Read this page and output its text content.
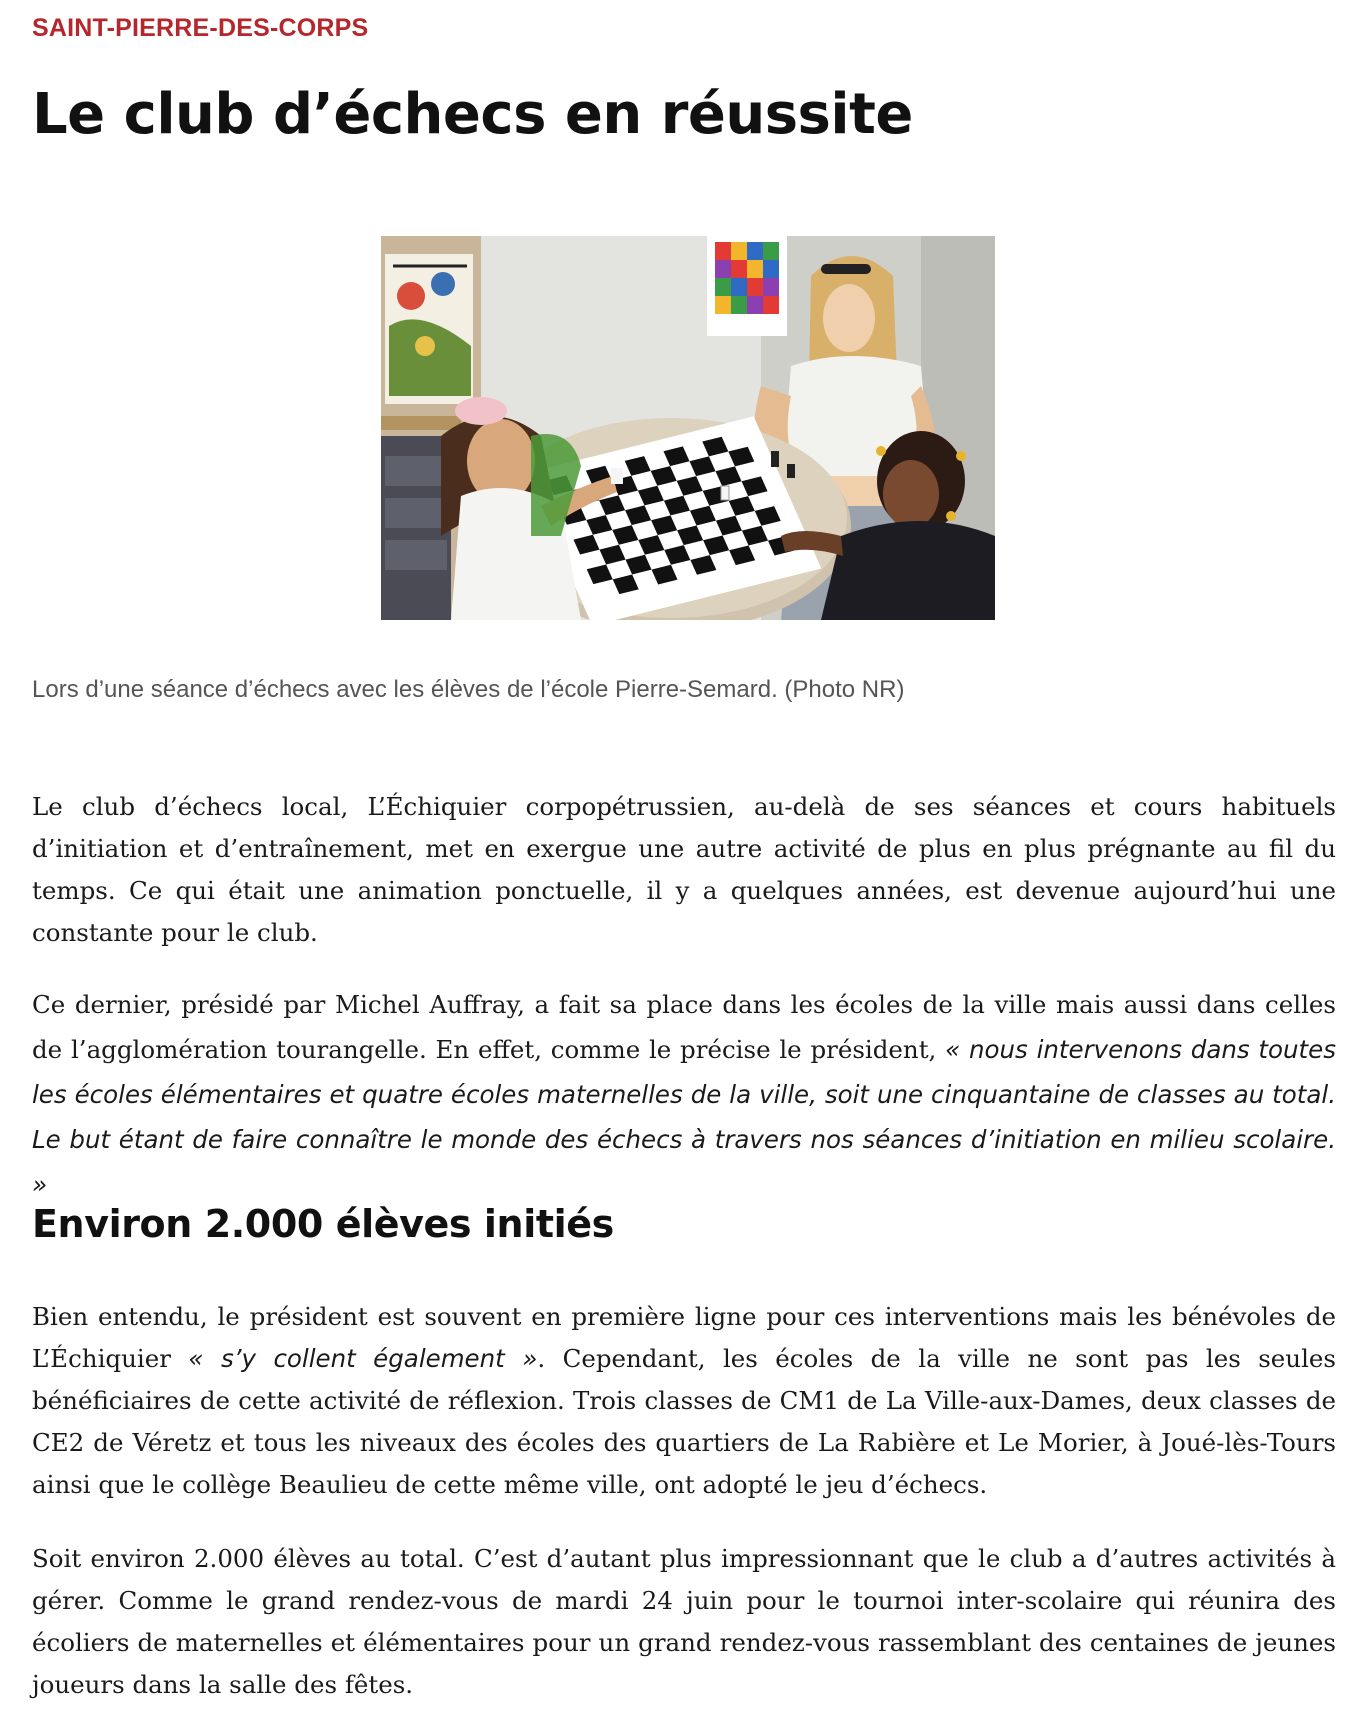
SAINT-PIERRE-DES-CORPS
Le club d’échecs en réussite
Lors d’une séance d’échecs avec les élèves de l’école Pierre-Semard. (Photo NR)

Le club d’échecs local, L’Échiquier corpopétrussien, au-delà de ses séances et cours habituels d’initiation et d’entraînement, met en exergue une autre activité de plus en plus prégnante au fil du temps. Ce qui était une animation ponctuelle, il y a quelques années, est devenue aujourd’hui une constante pour le club.

Ce dernier, présidé par Michel Auffray, a fait sa place dans les écoles de la ville mais aussi dans celles de l’agglomération tourangelle. En effet, comme le précise le président, « nous intervenons dans toutes les écoles élémentaires et quatre écoles maternelles de la ville, soit une cinquantaine de classes au total. Le but étant de faire connaître le monde des échecs à travers nos séances d’initiation en milieu scolaire. »

Environ 2.000 élèves initiés

Bien entendu, le président est souvent en première ligne pour ces interventions mais les bénévoles de L’Échiquier « s’y collent également ». Cependant, les écoles de la ville ne sont pas les seules bénéficiaires de cette activité de réflexion. Trois classes de CM1 de La Ville-aux-Dames, deux classes de CE2 de Véretz et tous les niveaux des écoles des quartiers de La Rabière et Le Morier, à Joué-lès-Tours ainsi que le collège Beaulieu de cette même ville, ont adopté le jeu d’échecs.

Soit environ 2.000 élèves au total. C’est d’autant plus impressionnant que le club a d’autres activités à gérer. Comme le grand rendez-vous de mardi 24 juin pour le tournoi inter-scolaire qui réunira des écoliers de maternelles et élémentaires pour un grand rendez-vous rassemblant des centaines de jeunes joueurs dans la salle des fêtes.
